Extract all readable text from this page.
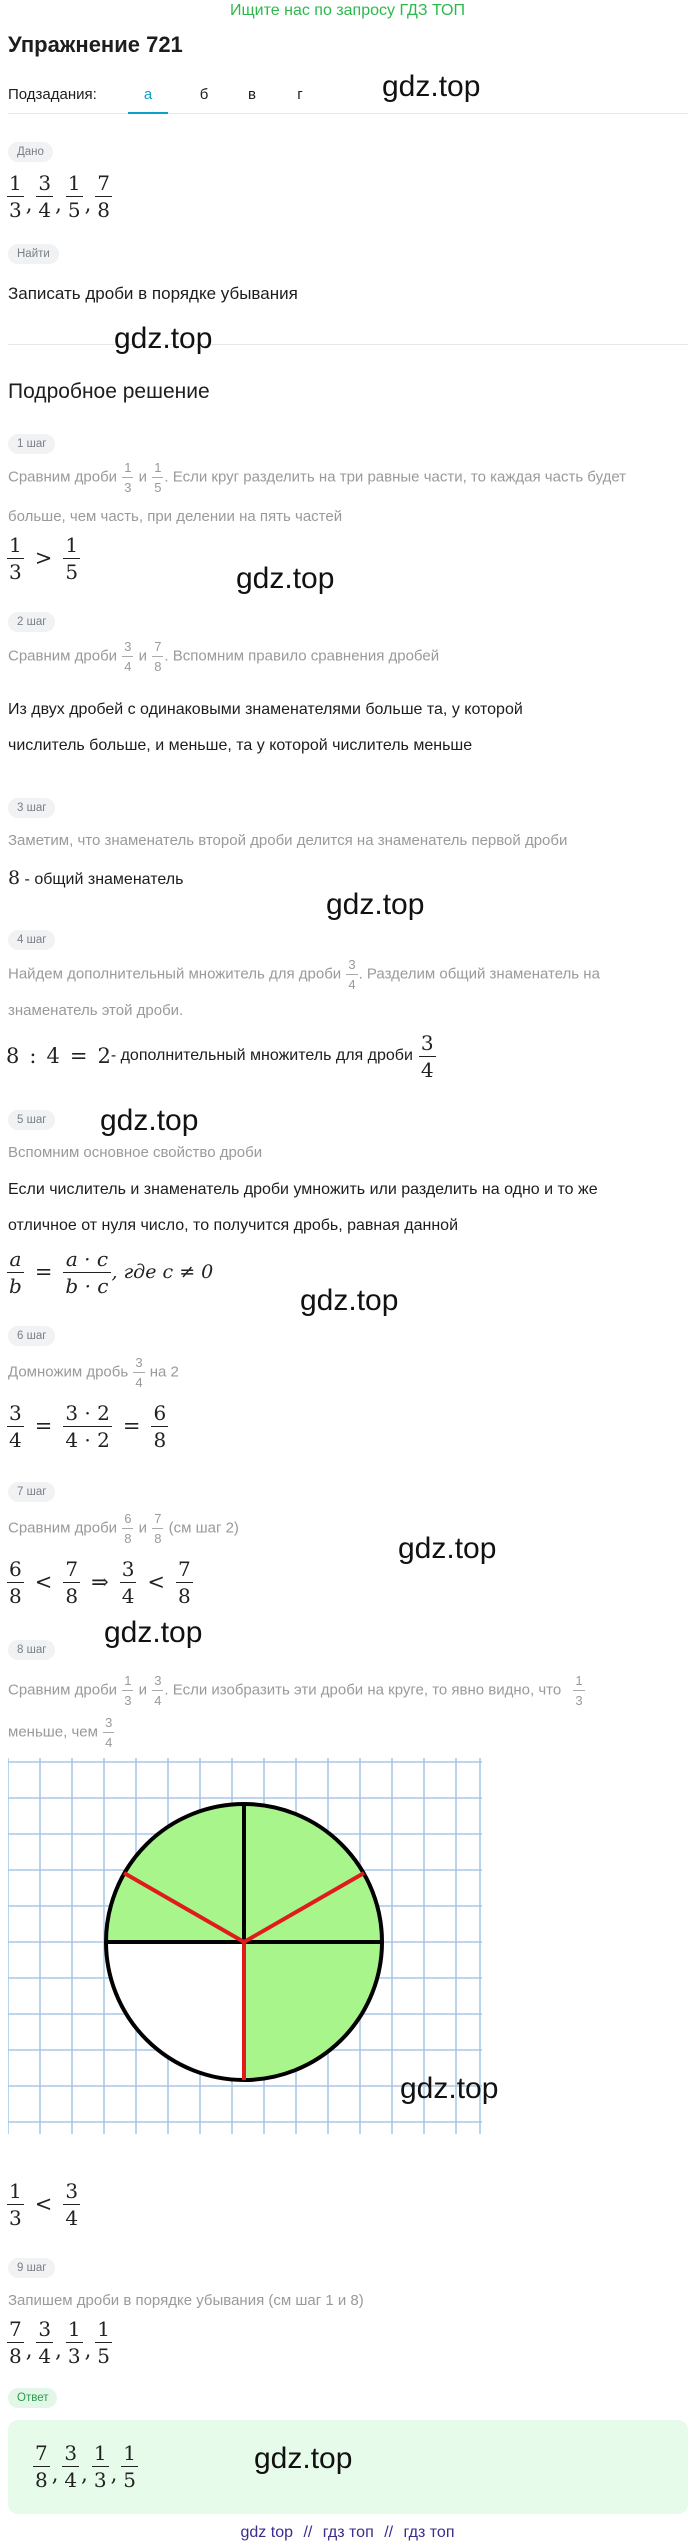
Ищите нас по запросу ГДЗ ТОП
Упражнение 721
Подзадания:	а	б	в	г	gdz.top
Дано
$\frac{1}{3}$ , $\frac{3}{4}$ , $\frac{1}{5}$ , $\frac{7}{8}$
Найти
Записать дроби в порядке убывания
gdz.top
Подробное решение
1 шаг
Сравним дроби $\frac{1}{3}$ и $\frac{1}{5}$ . Если круг разделить на три равные части, то каждая часть будет
больше, чем часть, при делении на пять частей
$\frac{1}{3} > \frac{1}{5}$	gdz.top
2 шаг
Сравним дроби $\frac{3}{4}$ и $\frac{7}{8}$ . Вспомним правило сравнения дробей
Из двух дробей с одинаковыми знаменателями больше та, у которой
числитель больше, и меньше, та у которой числитель меньше
3 шаг
Заметим, что знаменатель второй дроби делится на знаменатель первой дроби
8 - общий знаменатель
gdz.top
4 шаг
Найдем дополнительный множитель для дроби $\frac{3}{4}$ . Разделим общий знаменатель на
знаменатель этой дроби.
8 : 4 = 2 - дополнительный множитель для дроби $\frac{3}{4}$
5 шаг	gdz.top
Вспомним основное свойство дроби
Если числитель и знаменатель дроби умножить или разделить на одно и то же
отличное от нуля число, то получится дробь, равная данной
$\frac{a}{b} = \frac{a \cdot c}{b \cdot c}$ , где c ≠ 0
gdz.top
6 шаг
Домножим дробь $\frac{3}{4}$ на 2
$\frac{3}{4} = \frac{3 \cdot 2}{4 \cdot 2} = \frac{6}{8}$
7 шаг
Сравним дроби $\frac{6}{8}$ и $\frac{7}{8} (см$ шаг 2)
gdz.top
$\frac{6}{8} < \frac{7}{8}$ ⇒ $\frac{3}{4} < \frac{7}{8}$
gdz.top
8 шаг
Сравним дроби $\frac{1}{3}$ и $\frac{3}{4}$ . Если изобразить эти дроби на круге, то явно видно, что $\frac{1}{3}$
меньше, чем $\frac{3}{4}$
gdz.top
$\frac{1}{3} < \frac{3}{4}$
9 шаг
Запишем дроби в порядке убывания (см шаг 1 и 8)
$\frac{7}{8}$ , $\frac{3}{4}$ , $\frac{1}{3}$ , $\frac{1}{5}$
Ответ
$\frac{7}{8}$ , $\frac{3}{4}$ , $\frac{1}{3}$ , $\frac{1}{5}$	gdz.top
gdz top // гдз топ // гдз топ
